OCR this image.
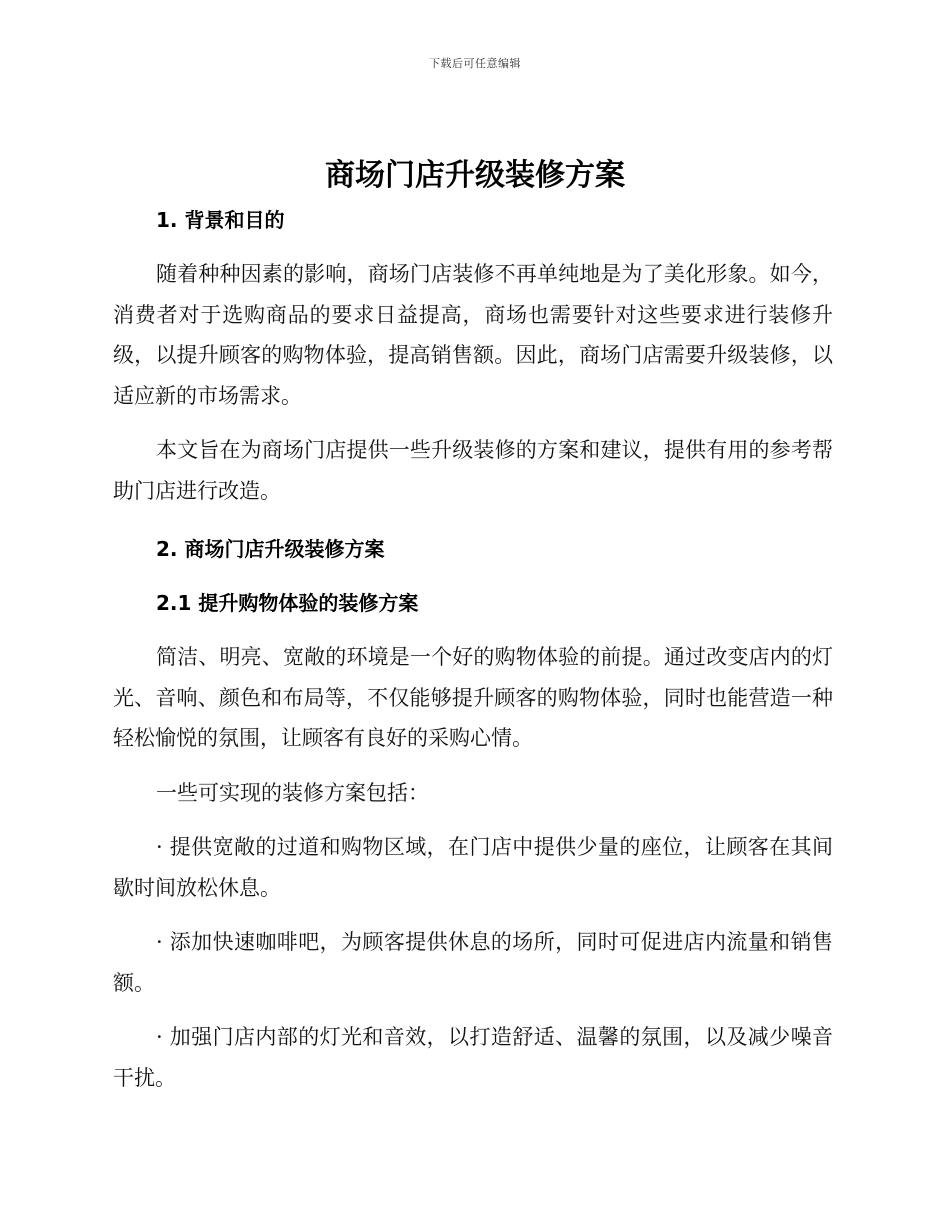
下载后可任意编辑
商场门店升级装修方案
1. 背景和目的

随着种种因素的影响，商场门店装修不再单纯地是为了美化形象。如今，消费者对于选购商品的要求日益提高，商场也需要针对这些要求进行装修升级，以提升顾客的购物体验，提高销售额。因此，商场门店需要升级装修，以适应新的市场需求。

本文旨在为商场门店提供一些升级装修的方案和建议，提供有用的参考帮助门店进行改造。

2. 商场门店升级装修方案
2.1 提升购物体验的装修方案

简洁、明亮、宽敞的环境是一个好的购物体验的前提。通过改变店内的灯光、音响、颜色和布局等，不仅能够提升顾客的购物体验，同时也能营造一种轻松愉悦的氛围，让顾客有良好的采购心情。

一些可实现的装修方案包括：

· 提供宽敞的过道和购物区域，在门店中提供少量的座位，让顾客在其间歇时间放松休息。

· 添加快速咖啡吧，为顾客提供休息的场所，同时可促进店内流量和销售额。

· 加强门店内部的灯光和音效，以打造舒适、温馨的氛围，以及减少噪音干扰。
